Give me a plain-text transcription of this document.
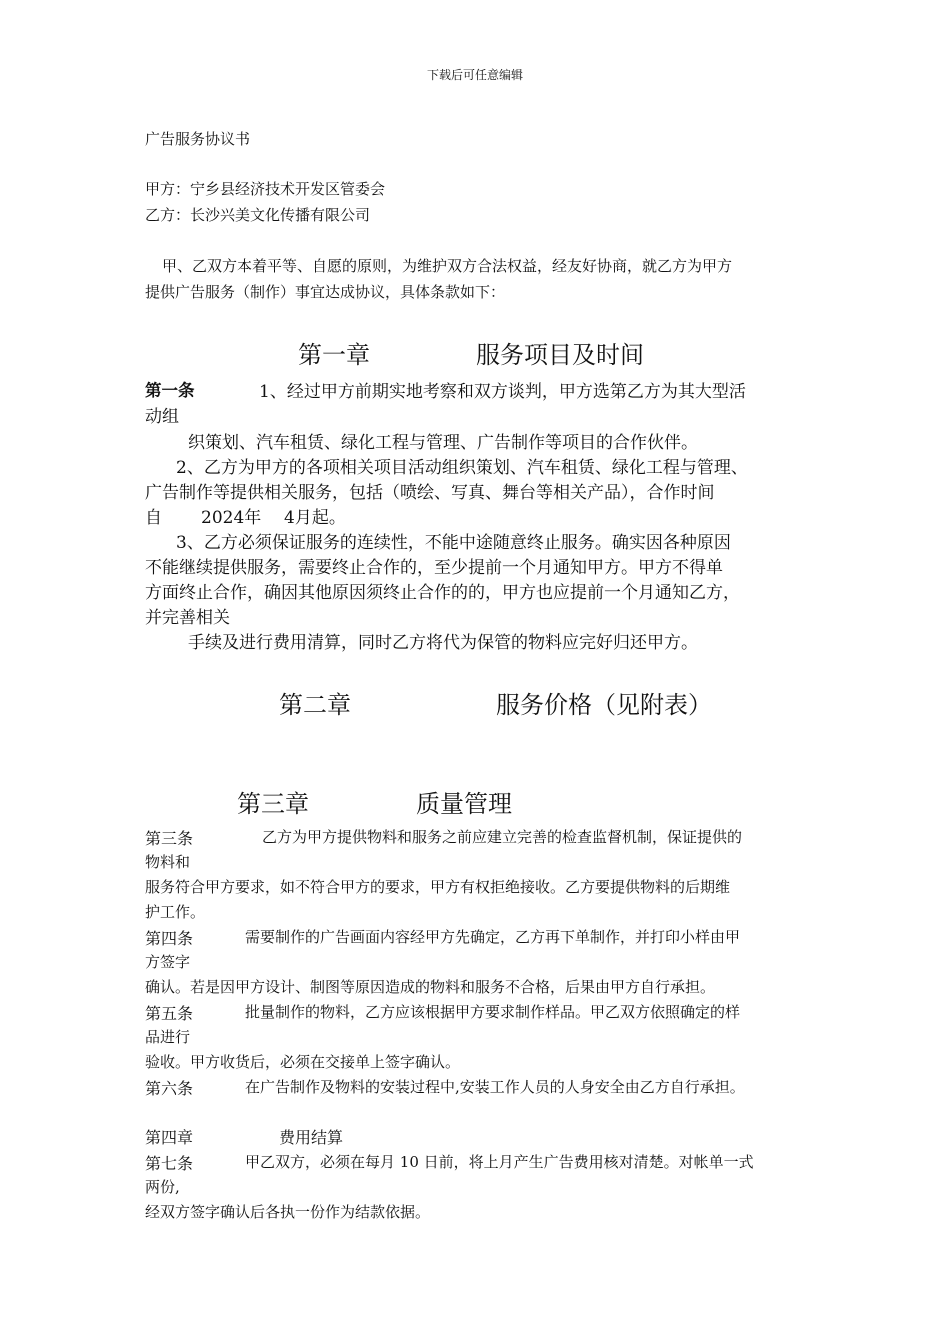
下载后可任意编辑
广告服务协议书
甲方：宁乡县经济技术开发区管委会
乙方：长沙兴美文化传播有限公司
甲、乙双方本着平等、自愿的原则，为维护双方合法权益，经友好协商，就乙方为甲方
提供广告服务（制作）事宜达成协议，具体条款如下：
第一章	服务项目及时间
第一条	1、经过甲方前期实地考察和双方谈判，甲方选第乙方为其大型活
动组
织策划、汽车租赁、绿化工程与管理、广告制作等项目的合作伙伴。
2、乙方为甲方的各项相关项目活动组织策划、汽车租赁、绿化工程与管理、
广告制作等提供相关服务，包括（喷绘、写真、舞台等相关产品），合作时间
自 2024年 4月起。
3、乙方必须保证服务的连续性，不能中途随意终止服务。确实因各种原因
不能继续提供服务，需要终止合作的，至少提前一个月通知甲方。甲方不得单
方面终止合作，确因其他原因须终止合作的的，甲方也应提前一个月通知乙方，
并完善相关
手续及进行费用清算，同时乙方将代为保管的物料应完好归还甲方。
第二章	服务价格（见附表）
第三章	质量管理
第三条	乙方为甲方提供物料和服务之前应建立完善的检查监督机制，保证提供的
物料和
服务符合甲方要求，如不符合甲方的要求，甲方有权拒绝接收。乙方要提供物料的后期维
护工作。
第四条	需要制作的广告画面内容经甲方先确定，乙方再下单制作，并打印小样由甲
方签字
确认。若是因甲方设计、制图等原因造成的物料和服务不合格，后果由甲方自行承担。
第五条	批量制作的物料，乙方应该根据甲方要求制作样品。甲乙双方依照确定的样
品进行
验收。甲方收货后，必须在交接单上签字确认。
第六条	在广告制作及物料的安装过程中,安装工作人员的人身安全由乙方自行承担。
第四章	费用结算
第七条	甲乙双方，必须在每月 10 日前，将上月产生广告费用核对清楚。对帐单一式
两份,
经双方签字确认后各执一份作为结款依据。
